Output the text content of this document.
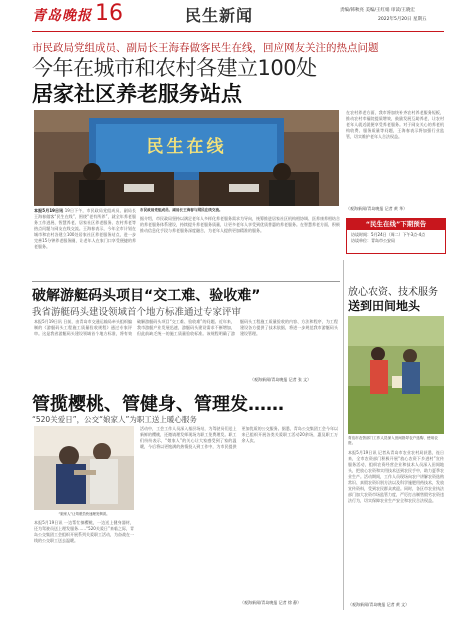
青岛晚报 16	民生新闻	责编/韩秋亮 美编/王红娟 审读/王晓宏
2022年5月20日 星期五
市民政局党组成员、副局长王海春做客民生在线，回应网友关注的热点问题
今年在城市和农村各建立100处
居家社区养老服务站点
民生在线
市民政局党组成员、副局长王海春与网民在线交流。
本报5月19日讯 19日下午，市民政局党组成员、副局长王海春做客“民生在线”，围绕“老有所养”，就全年养老服务工作进展、智慧养老、居家社区养老服务、农村养老等热点问题与网友在线交流。王海春表示，今年全市计划在城市和农村各建立100处居家社区养老服务站点，进一步完善15分钟养老服务圈，让老年人在家门口享受便捷的养老服务。
据介绍，市民政局坚持以满足老年人多样化养老服务需求为导向，统筹推进居家社区机构相协调、医养康养相结合的养老服务体系建设，持续提升养老服务质量，让更多老年人享受到优质普惠的养老服务。在智慧养老方面，积极推动信息化手段与养老服务深度融合，为老年人提供更加精准的服务。
在农村养老方面，我市将加快补齐农村养老服务短板，推动农村幸福院提质增效，鼓励发展互助养老，让农村老年人就近就便享受养老服务。对于网友关心的养老机构收费、服务质量等问题，王海春表示将加强行业监管，切实维护老年人合法权益。
（观海新闻/青岛晚报 记者 黄 华）
“民生在线”下期预告
访谈时间：5月24日（周二）下午3点-4点
访谈单位：青岛市公安局
破解游艇码头项目“交工难、验收难”
我省游艇码头建设领域首个地方标准通过专家评审
本报5月19日讯 日前，由青岛市交通运输局牵头组织编制的《游艇码头工程施工质量验收规程》通过专家评审。这是我省游艇码头建设领域首个地方标准，将有效破解游艇码头项目“交工难、验收难”的问题。近年来，我市游艇产业发展迅速，游艇码头建设需求不断增加，但此前缺乏统一的施工质量验收标准。该规程明确了游艇码头工程施工质量验收的内容、方法和程序，为工程建设各方提供了技术依据，将进一步规范我市游艇码头建设管理。
（观海新闻/青岛晚报 记者 张 文）
管揽樱桃、管健身、管理发……
“520关爱日”，公交“娘家人”为职工送上暖心服务
“娘家人”让驾驶员快速理发剃须。
本报5月19日讯 一边帮忙摘樱桃，一边送上健身器材，还为驾驶员送上理发服务……“520关爱日”来临之际，青岛公交集团工会组织开展系列关爱职工活动，为奋战在一线的公交职工送去温暖。
活动中，工会工作人员深入基层场站，为驾驶员们送上新鲜的樱桃，还邀请理发师现场为职工免费理发。职工们纷纷表示，“娘家人”的关心让大家感受到了家的温暖，今后将以更饱满的热情投入到工作中，为市民提供更加优质的公交服务。据悉，青岛公交集团工会今年以来已组织开展各类关爱职工活动20余场，惠及职工万余人次。
（观海新闻/青岛晚报 记者 徐 静）
放心农资、技术服务
送到田间地头
青岛市农资部门工作人员深入田间指导农户选购、使用农资。
本报5月19日讯 记者从青岛市农业农村局获悉，连日来，全市农资部门积极开展“放心农资下乡进村”宣传服务活动，组织农资经营企业和技术人员深入田间地头，把放心农资和实用技术送到农民手中，助力夏季农业生产。活动期间，工作人员现场向农户讲解农资选购常识、真假农资识别方法以及科学施肥用药技术，发放宣传资料，受到农民群众欢迎。同时，各区市农业执法部门加大农资市场监管力度，严厉打击制售假劣农资违法行为，切实保障农业生产安全和农民合法权益。
（观海新闻/青岛晚报 记者 黄 文）
